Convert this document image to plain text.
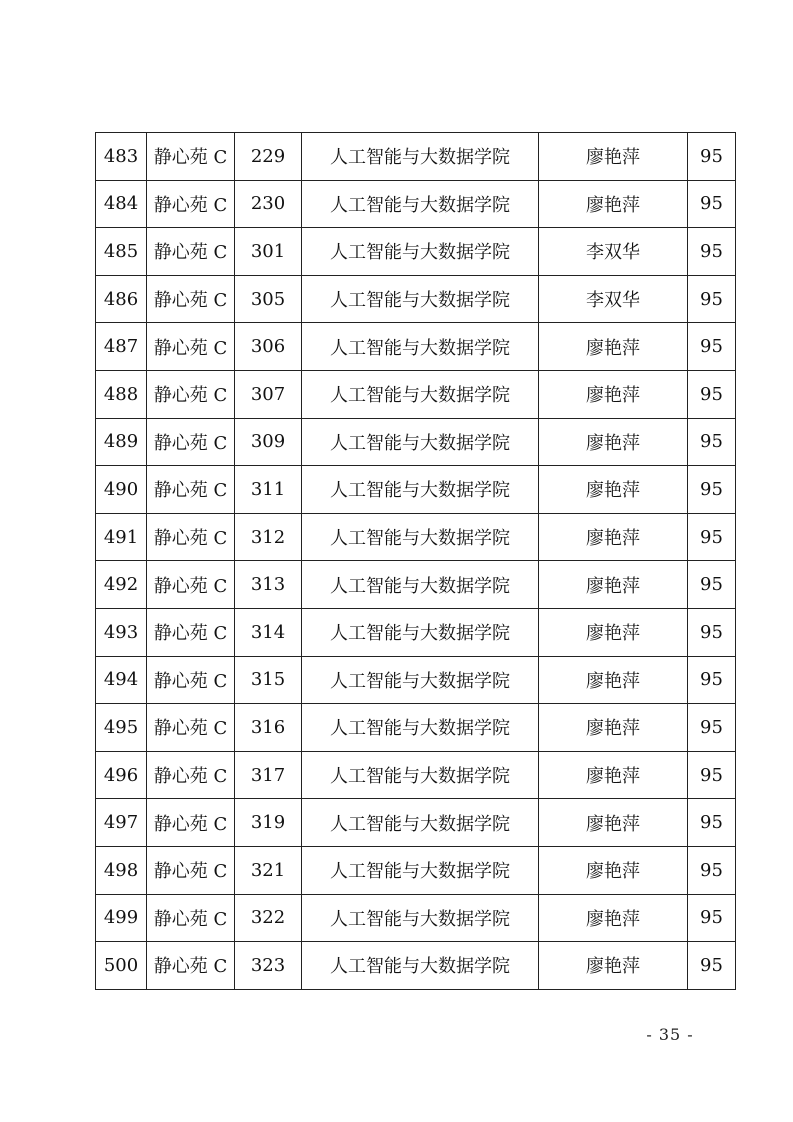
483	静心苑 C	229	人工智能与大数据学院	廖艳萍	95
484	静心苑 C	230	人工智能与大数据学院	廖艳萍	95
485	静心苑 C	301	人工智能与大数据学院	李双华	95
486	静心苑 C	305	人工智能与大数据学院	李双华	95
487	静心苑 C	306	人工智能与大数据学院	廖艳萍	95
488	静心苑 C	307	人工智能与大数据学院	廖艳萍	95
489	静心苑 C	309	人工智能与大数据学院	廖艳萍	95
490	静心苑 C	311	人工智能与大数据学院	廖艳萍	95
491	静心苑 C	312	人工智能与大数据学院	廖艳萍	95
492	静心苑 C	313	人工智能与大数据学院	廖艳萍	95
493	静心苑 C	314	人工智能与大数据学院	廖艳萍	95
494	静心苑 C	315	人工智能与大数据学院	廖艳萍	95
495	静心苑 C	316	人工智能与大数据学院	廖艳萍	95
496	静心苑 C	317	人工智能与大数据学院	廖艳萍	95
497	静心苑 C	319	人工智能与大数据学院	廖艳萍	95
498	静心苑 C	321	人工智能与大数据学院	廖艳萍	95
499	静心苑 C	322	人工智能与大数据学院	廖艳萍	95
500	静心苑 C	323	人工智能与大数据学院	廖艳萍	95
- 35 -
